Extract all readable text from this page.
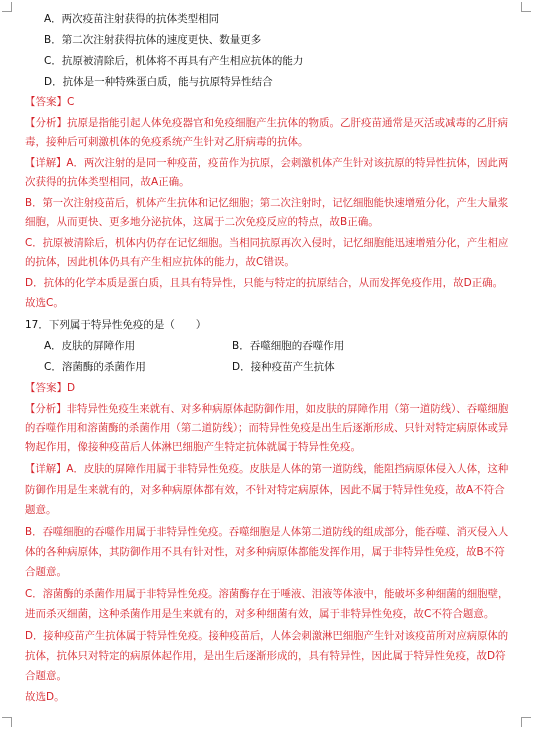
A．两次疫苗注射获得的抗体类型相同
B．第二次注射获得抗体的速度更快、数量更多
C．抗原被清除后，机体将不再具有产生相应抗体的能力
D．抗体是一种特殊蛋白质，能与抗原特异性结合
【答案】C
【分析】抗原是指能引起人体免疫器官和免疫细胞产生抗体的物质。乙肝疫苗通常是灭活或减毒的乙肝病
毒，接种后可刺激机体的免疫系统产生针对乙肝病毒的抗体。
【详解】A．两次注射的是同一种疫苗，疫苗作为抗原，会刺激机体产生针对该抗原的特异性抗体，因此两
次获得的抗体类型相同，故A正确。
B．第一次注射疫苗后，机体产生抗体和记忆细胞；第二次注射时，记忆细胞能快速增殖分化，产生大量浆
细胞，从而更快、更多地分泌抗体，这属于二次免疫反应的特点，故B正确。
C．抗原被清除后，机体内仍存在记忆细胞。当相同抗原再次入侵时，记忆细胞能迅速增殖分化，产生相应
的抗体，因此机体仍具有产生相应抗体的能力，故C错误。
D．抗体的化学本质是蛋白质，且具有特异性，只能与特定的抗原结合，从而发挥免疫作用，故D正确。
故选C。
17．下列属于特异性免疫的是（　　）
A．皮肤的屏障作用	B．吞噬细胞的吞噬作用
C．溶菌酶的杀菌作用	D．接种疫苗产生抗体
【答案】D
【分析】非特异性免疫生来就有、对多种病原体起防御作用，如皮肤的屏障作用（第一道防线）、吞噬细胞
的吞噬作用和溶菌酶的杀菌作用（第二道防线）；而特异性免疫是出生后逐渐形成、只针对特定病原体或异
物起作用，像接种疫苗后人体淋巴细胞产生特定抗体就属于特异性免疫。
【详解】A．皮肤的屏障作用属于非特异性免疫。皮肤是人体的第一道防线，能阻挡病原体侵入人体，这种
防御作用是生来就有的，对多种病原体都有效，不针对特定病原体，因此不属于特异性免疫，故A不符合
题意。
B．吞噬细胞的吞噬作用属于非特异性免疫。吞噬细胞是人体第二道防线的组成部分，能吞噬、消灭侵入人
体的各种病原体，其防御作用不具有针对性，对多种病原体都能发挥作用，属于非特异性免疫，故B不符
合题意。
C．溶菌酶的杀菌作用属于非特异性免疫。溶菌酶存在于唾液、泪液等体液中，能破坏多种细菌的细胞壁，
进而杀灭细菌，这种杀菌作用是生来就有的，对多种细菌有效，属于非特异性免疫，故C不符合题意。
D．接种疫苗产生抗体属于特异性免疫。接种疫苗后，人体会刺激淋巴细胞产生针对该疫苗所对应病原体的
抗体，抗体只对特定的病原体起作用，是出生后逐渐形成的，具有特异性，因此属于特异性免疫，故D符
合题意。
故选D。
